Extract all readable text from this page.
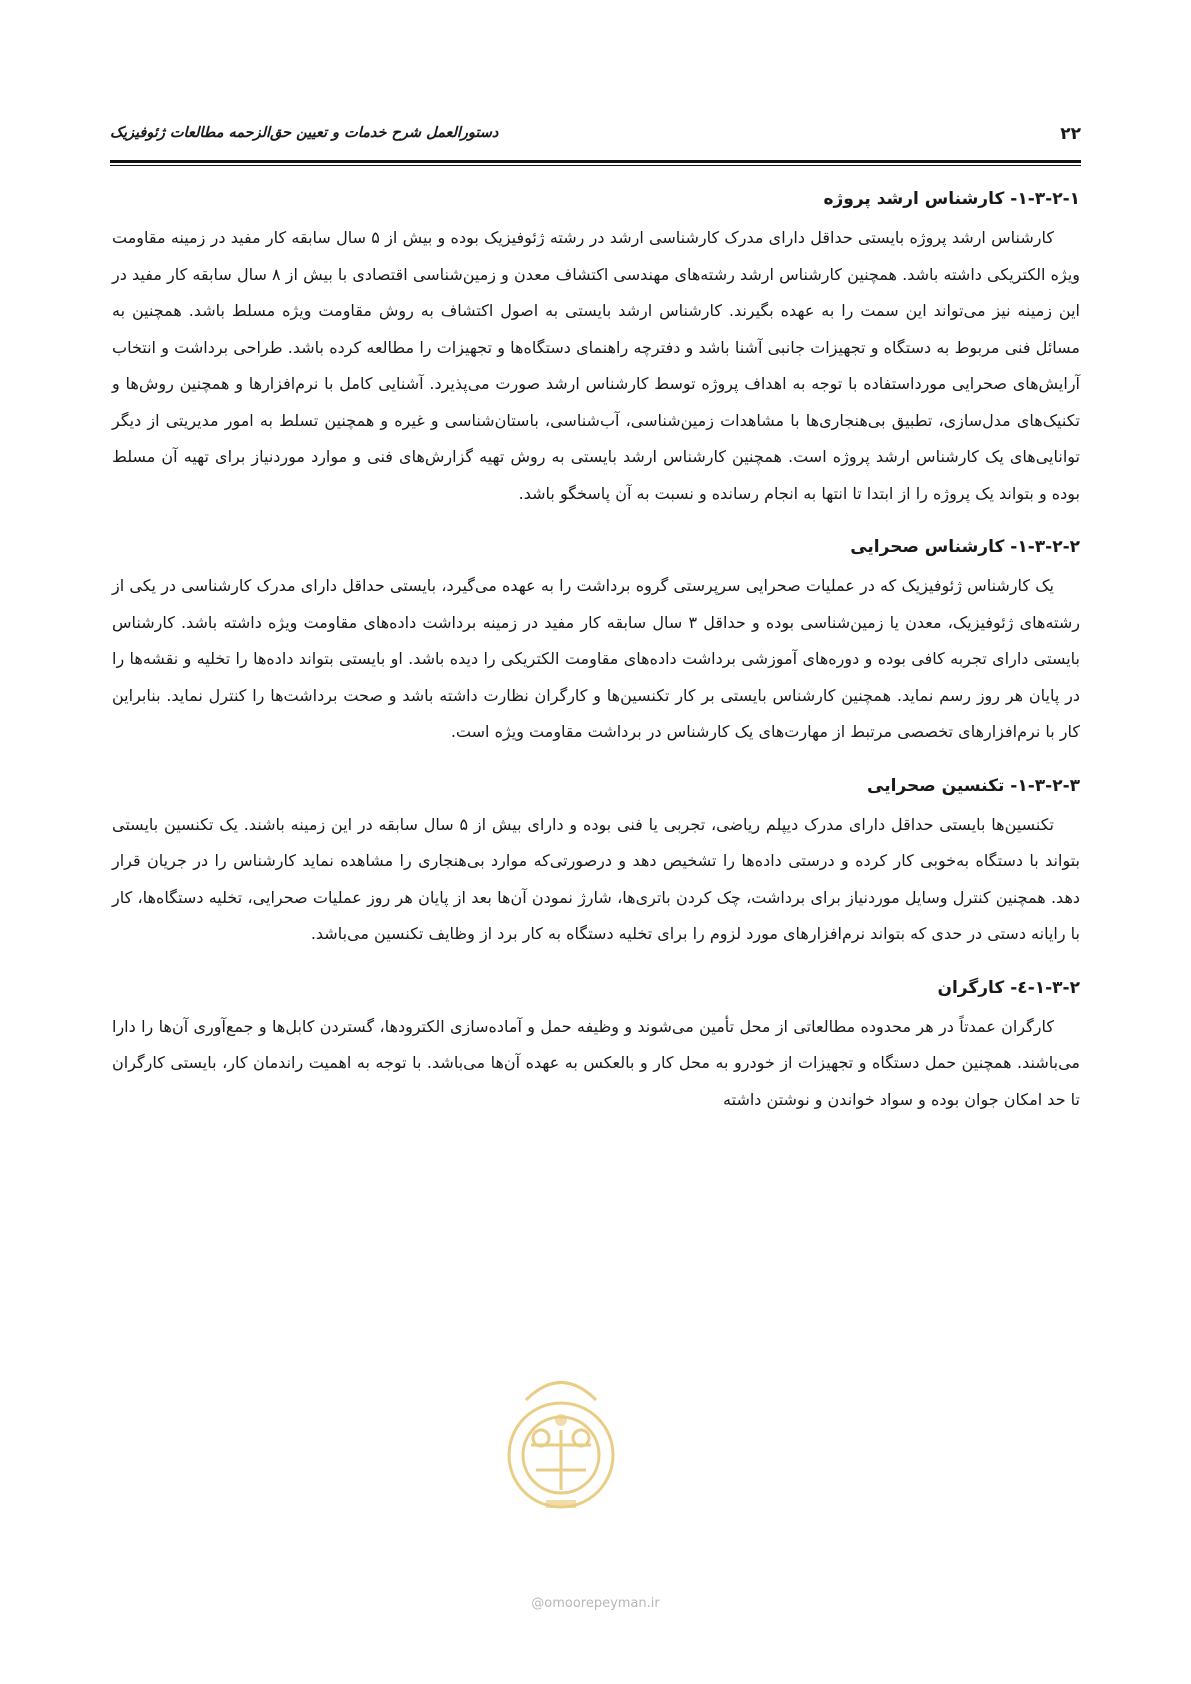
۲۲
دستورالعمل شرح خدمات و تعیین حق‌الزحمه مطالعات ژئوفیزیک
۱-۳-۲-۱- کارشناس ارشد پروژه

کارشناس ارشد پروژه بایستی حداقل دارای مدرک کارشناسی ارشد در رشته ژئوفیزیک بوده و بیش از ۵ سال سابقه کار مفید در زمینه مقاومت ویژه الکتریکی داشته باشد. همچنین کارشناس ارشد رشته‌های مهندسی اکتشاف معدن و زمین‌شناسی اقتصادی با بیش از ۸ سال سابقه کار مفید در این زمینه نیز می‌تواند این سمت را به عهده بگیرند. کارشناس ارشد بایستی به اصول اکتشاف به روش مقاومت ویژه مسلط باشد. همچنین به مسائل فنی مربوط به دستگاه و تجهیزات جانبی آشنا باشد و دفترچه راهنمای دستگاه‌ها و تجهیزات را مطالعه کرده باشد. طراحی برداشت و انتخاب آرایش‌های صحرایی مورداستفاده با توجه به اهداف پروژه توسط کارشناس ارشد صورت می‌پذیرد. آشنایی کامل با نرم‌افزارها و همچنین روش‌ها و تکنیک‌های مدل‌سازی، تطبیق بی‌هنجاری‌ها با مشاهدات زمین‌شناسی، آب‌شناسی، باستان‌شناسی و غیره و همچنین تسلط به امور مدیریتی از دیگر توانایی‌های یک کارشناس ارشد پروژه است. همچنین کارشناس ارشد بایستی به روش تهیه گزارش‌های فنی و موارد موردنیاز برای تهیه آن مسلط بوده و بتواند یک پروژه را از ابتدا تا انتها به انجام رسانده و نسبت به آن پاسخگو باشد.

۱-۳-۲-۲- کارشناس صحرایی

یک کارشناس ژئوفیزیک که در عملیات صحرایی سرپرستی گروه برداشت را به عهده می‌گیرد، بایستی حداقل دارای مدرک کارشناسی در یکی از رشته‌های ژئوفیزیک، معدن یا زمین‌شناسی بوده و حداقل ۳ سال سابقه کار مفید در زمینه برداشت داده‌های مقاومت ویژه داشته باشد. کارشناس بایستی دارای تجربه کافی بوده و دوره‌های آموزشی برداشت داده‌های مقاومت الکتریکی را دیده باشد. او بایستی بتواند داده‌ها را تخلیه و نقشه‌ها را در پایان هر روز رسم نماید. همچنین کارشناس بایستی بر کار تکنسین‌ها و کارگران نظارت داشته باشد و صحت برداشت‌ها را کنترل نماید. بنابراین کار با نرم‌افزارهای تخصصی مرتبط از مهارت‌های یک کارشناس در برداشت مقاومت ویژه است.

۱-۳-۲-۳- تکنسین صحرایی

تکنسین‌ها بایستی حداقل دارای مدرک دیپلم ریاضی، تجربی یا فنی بوده و دارای بیش از ۵ سال سابقه در این زمینه باشند. یک تکنسین بایستی بتواند با دستگاه به‌خوبی کار کرده و درستی داده‌ها را تشخیص دهد و درصورتی‌که موارد بی‌هنجاری را مشاهده نماید کارشناس را در جریان قرار دهد. همچنین کنترل وسایل موردنیاز برای برداشت، چک کردن باتری‌ها، شارژ نمودن آن‌ها بعد از پایان هر روز عملیات صحرایی، تخلیه دستگاه‌ها، کار با رایانه دستی در حدی که بتواند نرم‌افزارهای مورد لزوم را برای تخلیه دستگاه به کار برد از وظایف تکنسین می‌باشد.

۱-۳-۲-٤- کارگران

کارگران عمدتاً در هر محدوده مطالعاتی از محل تأمین می‌شوند و وظیفه حمل و آماده‌سازی الکترودها، گستردن کابل‌ها و جمع‌آوری آن‌ها را دارا می‌باشند. همچنین حمل دستگاه و تجهیزات از خودرو به محل کار و بالعکس به عهده آن‌ها می‌باشد. با توجه به اهمیت راندمان کار، بایستی کارگران تا حد امکان جوان بوده و سواد خواندن و نوشتن داشته

@omoorepeyman.ir
